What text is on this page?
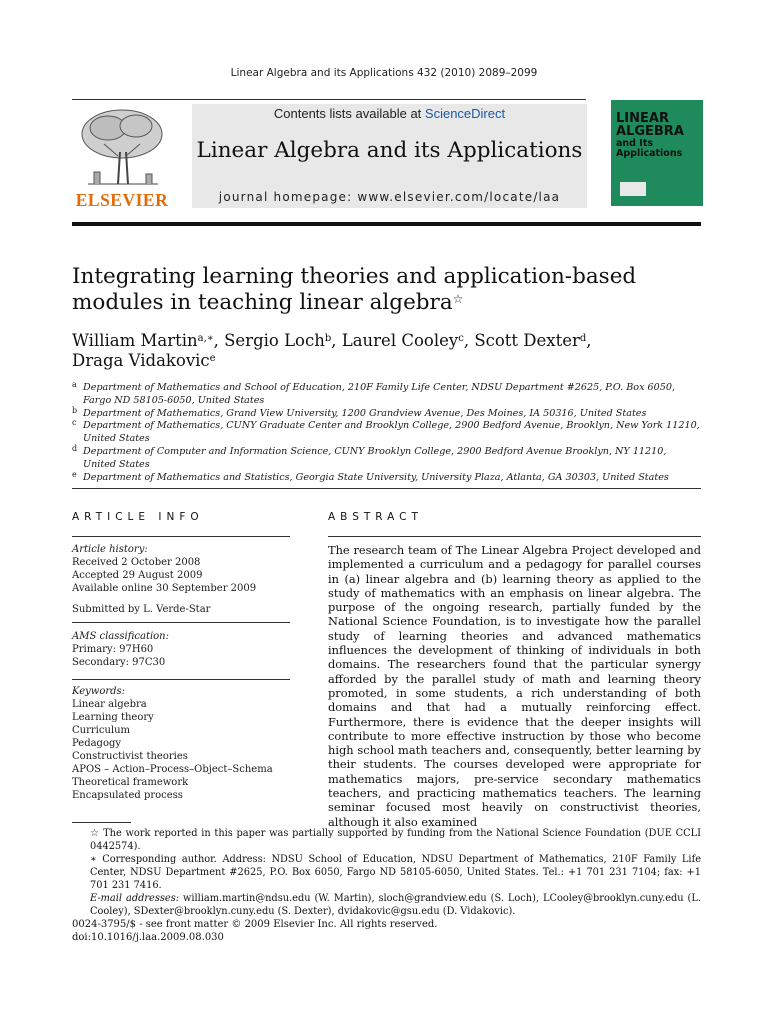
Linear Algebra and its Applications 432 (2010) 2089–2099
ELSEVIER
Contents lists available at ScienceDirect
Linear Algebra and its Applications
journal homepage: www.elsevier.com/locate/laa
LINEAR
ALGEBRA
and Its
Applications
Integrating learning theories and application-based modules in teaching linear algebra☆
William Martin$^{a,∗}$, Sergio Loch$^b$, Laurel Cooley$^c$, Scott Dexter$^d$,
Draga Vidakovic$^e$
a Department of Mathematics and School of Education, 210F Family Life Center, NDSU Department #2625, P.O. Box 6050, Fargo ND 58105-6050, United States
b Department of Mathematics, Grand View University, 1200 Grandview Avenue, Des Moines, IA 50316, United States
c Department of Mathematics, CUNY Graduate Center and Brooklyn College, 2900 Bedford Avenue, Brooklyn, New York 11210, United States
d Department of Computer and Information Science, CUNY Brooklyn College, 2900 Bedford Avenue Brooklyn, NY 11210, United States
e Department of Mathematics and Statistics, Georgia State University, University Plaza, Atlanta, GA 30303, United States
ARTICLE INFO	ABSTRACT
Article history:
Received 2 October 2008
Accepted 29 August 2009
Available online 30 September 2009
Submitted by L. Verde-Star
AMS classification:
Primary: 97H60
Secondary: 97C30
Keywords:
Linear algebra
Learning theory
Curriculum
Pedagogy
Constructivist theories
APOS – Action–Process–Object–Schema
Theoretical framework
Encapsulated process
The research team of The Linear Algebra Project developed and implemented a curriculum and a pedagogy for parallel courses in (a) linear algebra and (b) learning theory as applied to the study of mathematics with an emphasis on linear algebra. The purpose of the ongoing research, partially funded by the National Science Foundation, is to investigate how the parallel study of learning theories and advanced mathematics influences the development of thinking of individuals in both domains. The researchers found that the particular synergy afforded by the parallel study of math and learning theory promoted, in some students, a rich understanding of both domains and that had a mutually reinforcing effect. Furthermore, there is evidence that the deeper insights will contribute to more effective instruction by those who become high school math teachers and, consequently, better learning by their students. The courses developed were appropriate for mathematics majors, pre-service secondary mathematics teachers, and practicing mathematics teachers. The learning seminar focused most heavily on constructivist theories, although it also examined

☆ The work reported in this paper was partially supported by funding from the National Science Foundation (DUE CCLI 0442574).

∗ Corresponding author. Address: NDSU School of Education, NDSU Department of Mathematics, 210F Family Life Center, NDSU Department #2625, P.O. Box 6050, Fargo ND 58105-6050, United States. Tel.: +1 701 231 7104; fax: +1 701 231 7416.

E-mail addresses: william.martin@ndsu.edu (W. Martin), sloch@grandview.edu (S. Loch), LCooley@brooklyn.cuny.edu (L. Cooley), SDexter@brooklyn.cuny.edu (S. Dexter), dvidakovic@gsu.edu (D. Vidakovic).

0024-3795/$ - see front matter © 2009 Elsevier Inc. All rights reserved.
doi:10.1016/j.laa.2009.08.030
